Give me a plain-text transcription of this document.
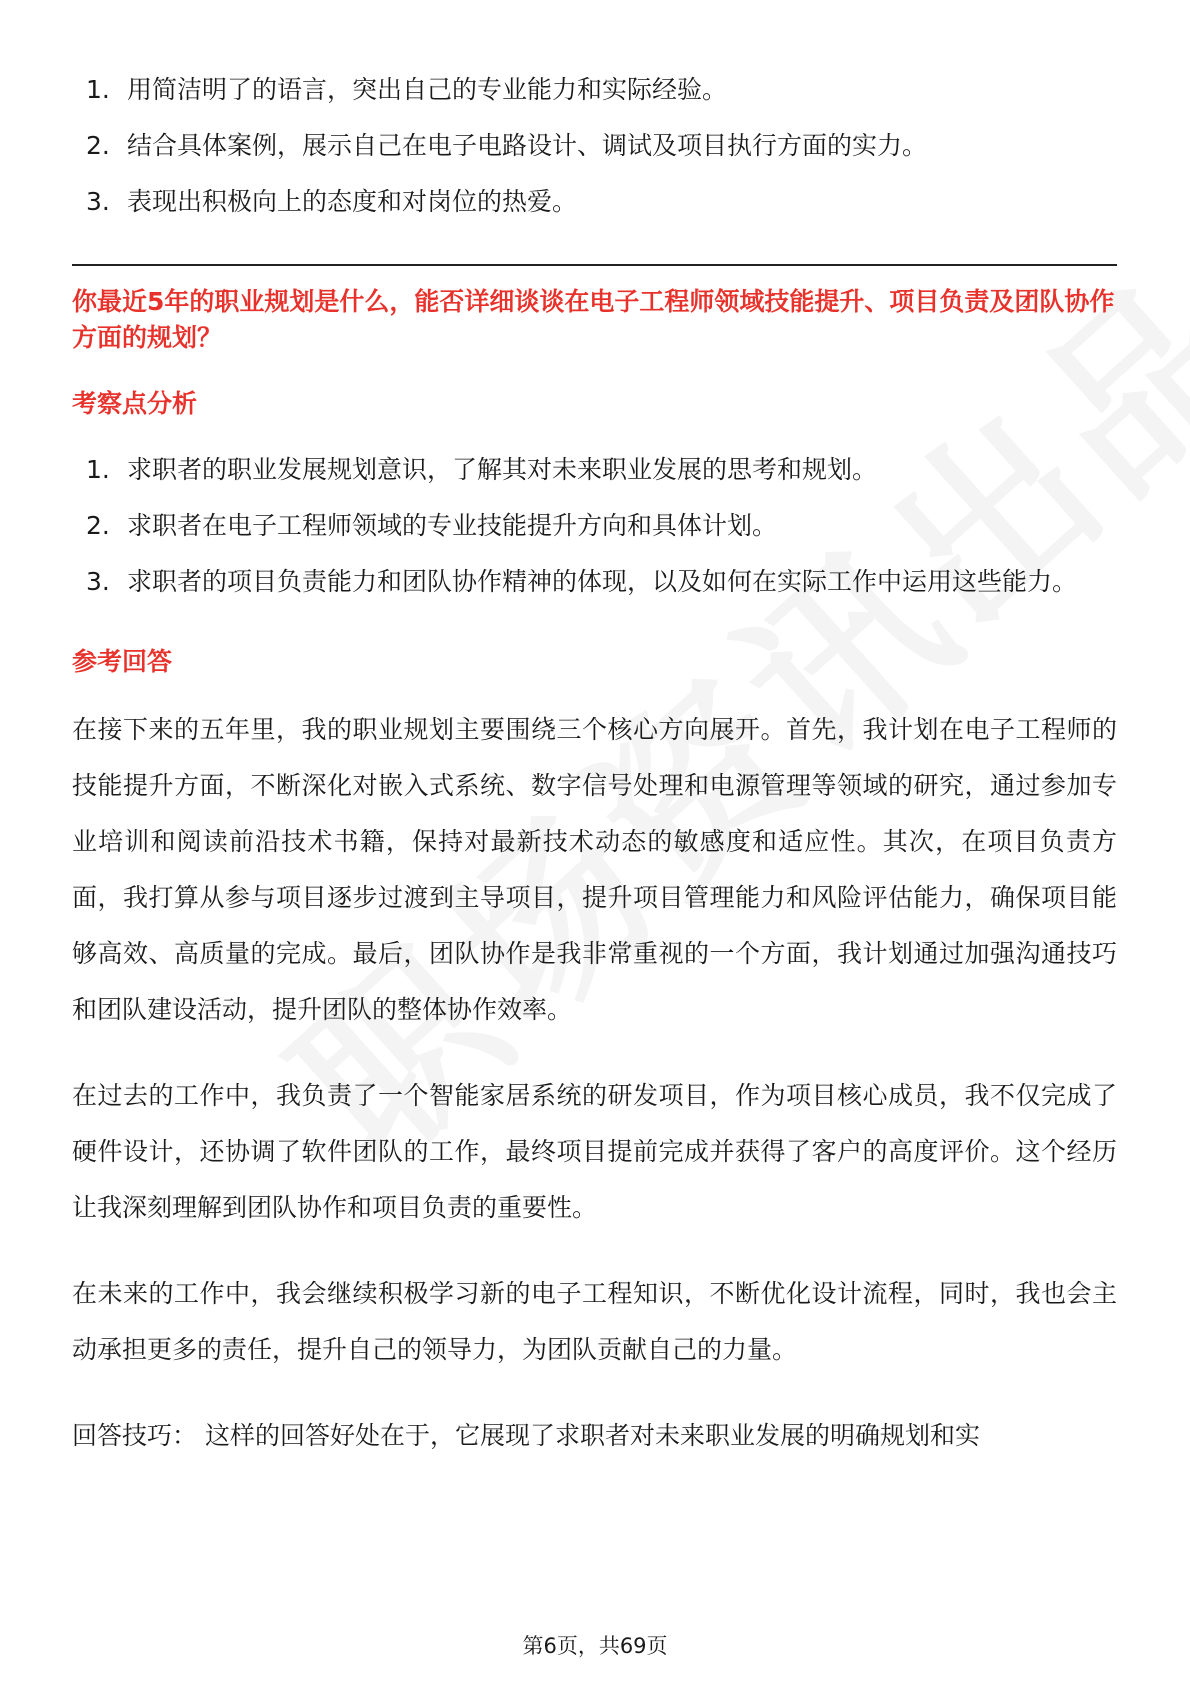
1. 用简洁明了的语言，突出自己的专业能力和实际经验。
2. 结合具体案例，展示自己在电子电路设计、调试及项目执行方面的实力。
3. 表现出积极向上的态度和对岗位的热爱。
你最近5年的职业规划是什么，能否详细谈谈在电子工程师领域技能提升、项目负责及团队协作方面的规划？
考察点分析
1. 求职者的职业发展规划意识，了解其对未来职业发展的思考和规划。
2. 求职者在电子工程师领域的专业技能提升方向和具体计划。
3. 求职者的项目负责能力和团队协作精神的体现，以及如何在实际工作中运用这些能力。
参考回答

在接下来的五年里，我的职业规划主要围绕三个核心方向展开。首先，我计划在电子工程师的技能提升方面，不断深化对嵌入式系统、数字信号处理和电源管理等领域的研究，通过参加专业培训和阅读前沿技术书籍，保持对最新技术动态的敏感度和适应性。其次，在项目负责方面，我打算从参与项目逐步过渡到主导项目，提升项目管理能力和风险评估能力，确保项目能够高效、高质量的完成。最后，团队协作是我非常重视的一个方面，我计划通过加强沟通技巧和团队建设活动，提升团队的整体协作效率。

在过去的工作中，我负责了一个智能家居系统的研发项目，作为项目核心成员，我不仅完成了硬件设计，还协调了软件团队的工作，最终项目提前完成并获得了客户的高度评价。这个经历让我深刻理解到团队协作和项目负责的重要性。

在未来的工作中，我会继续积极学习新的电子工程知识，不断优化设计流程，同时，我也会主动承担更多的责任，提升自己的领导力，为团队贡献自己的力量。

回答技巧： 这样的回答好处在于，它展现了求职者对未来职业发展的明确规划和实

第6页，共69页
